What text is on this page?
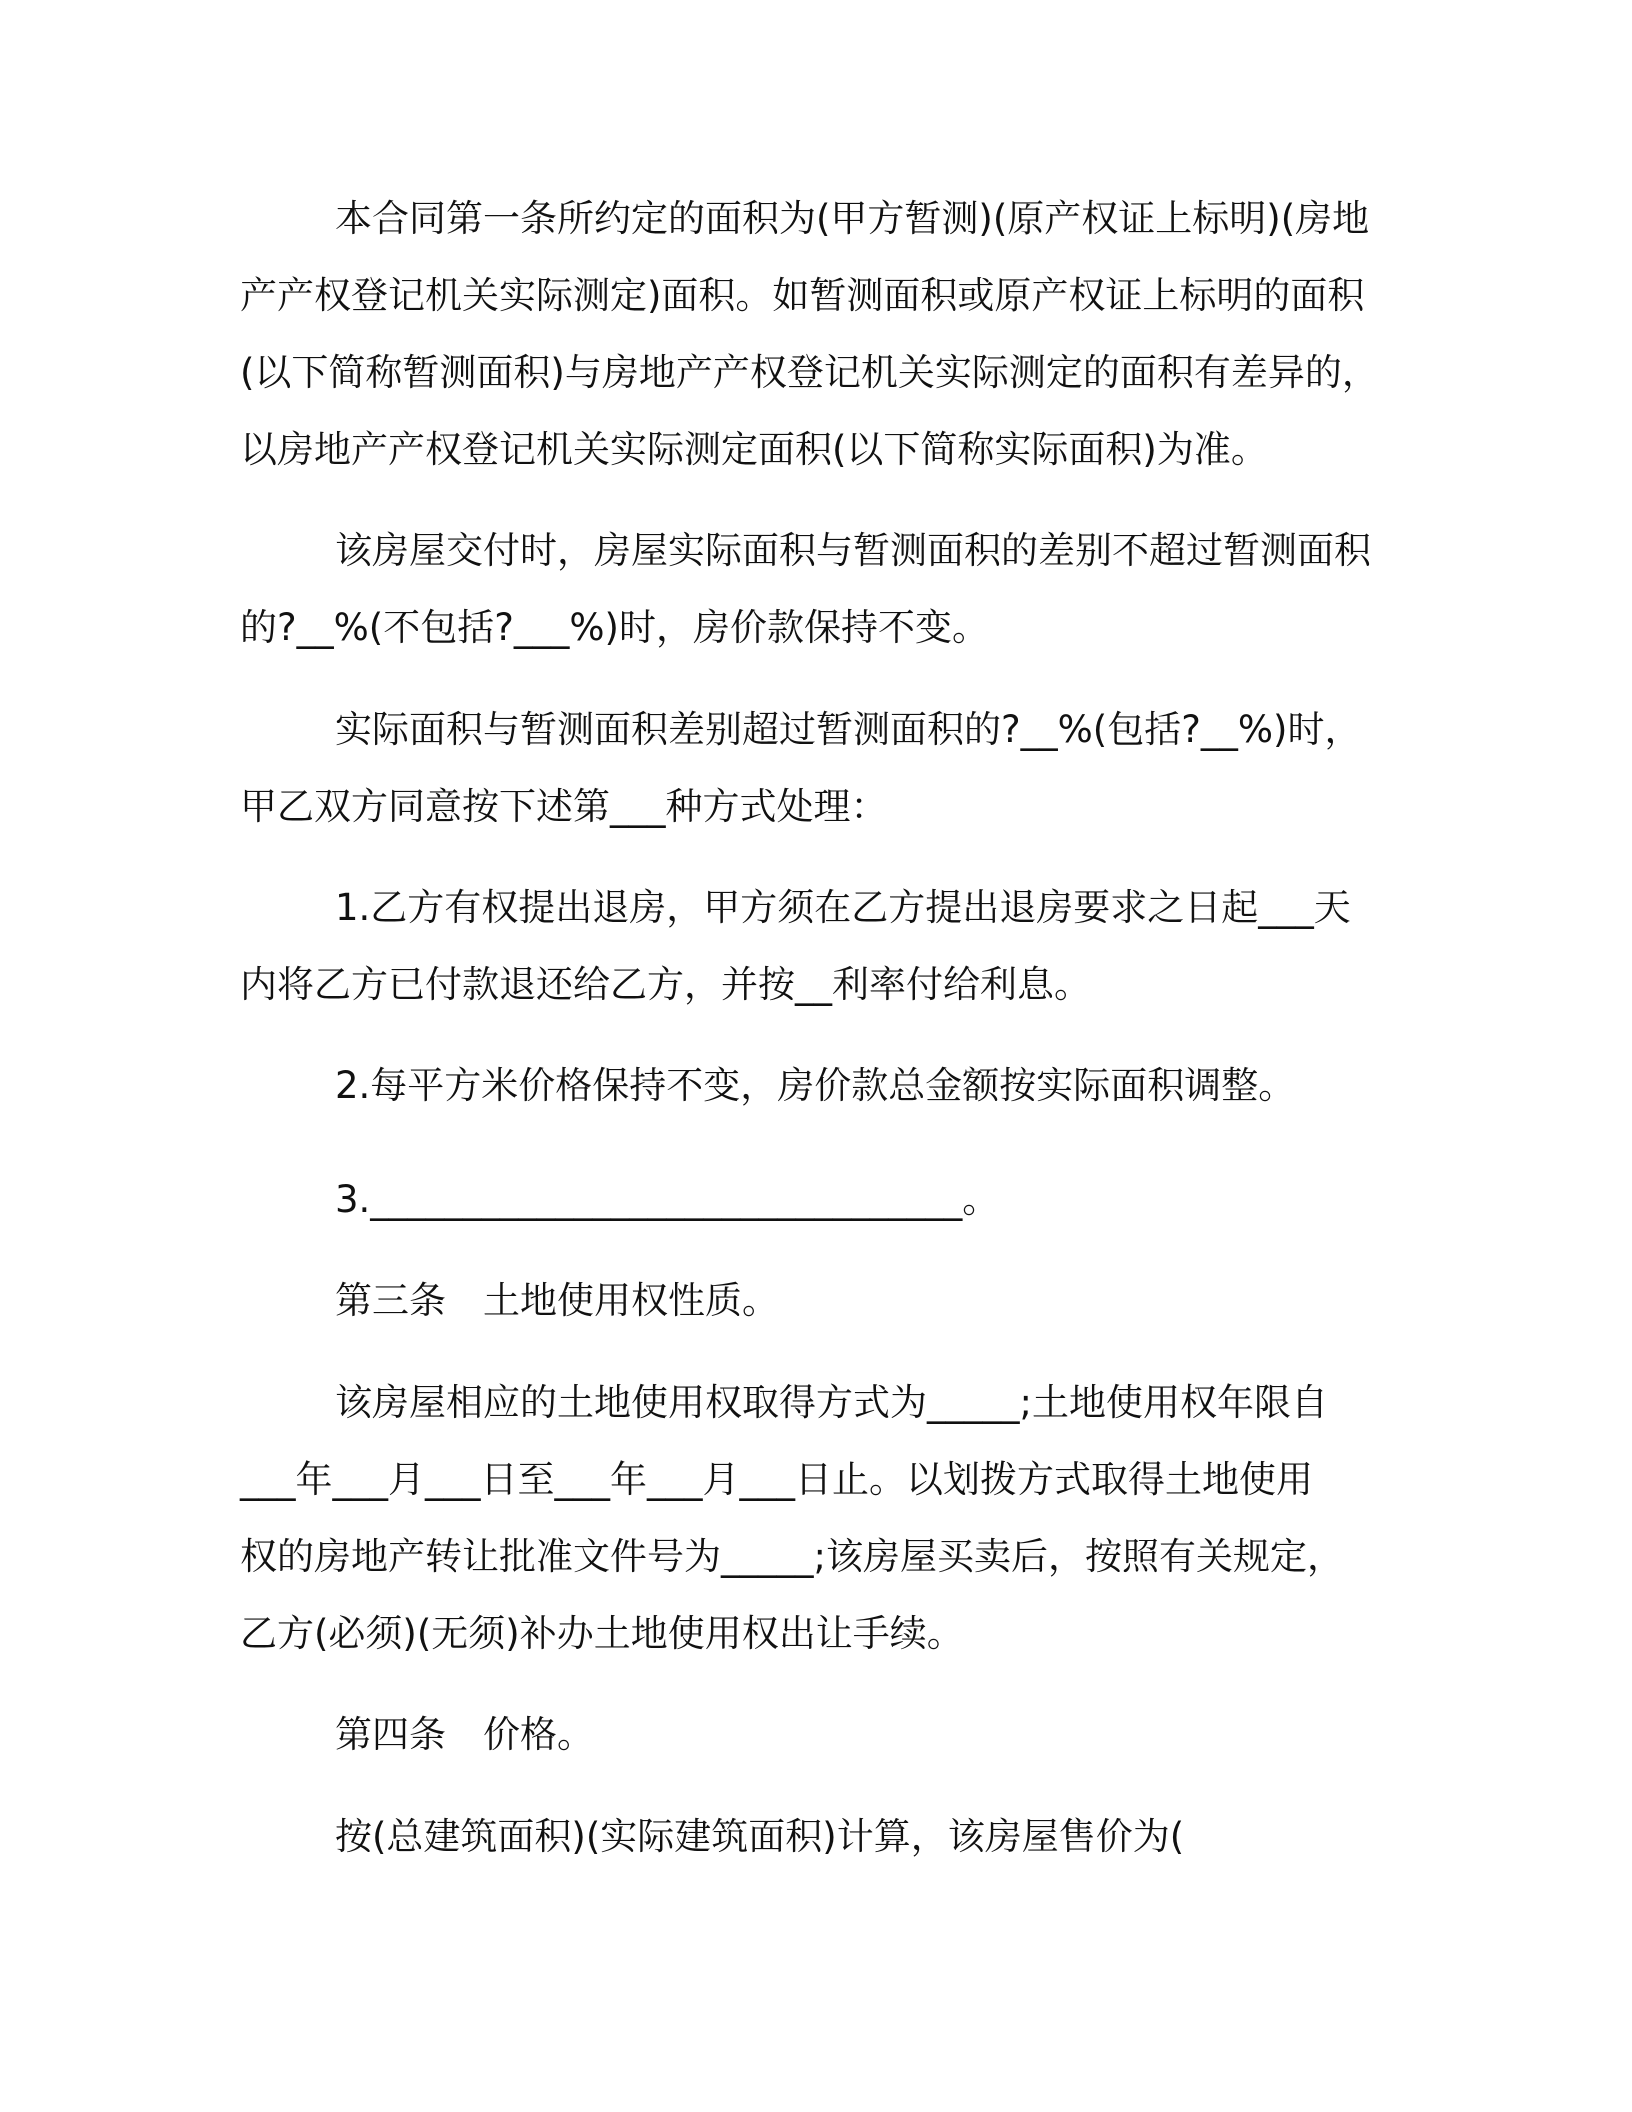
本合同第一条所约定的面积为(甲方暂测)(原产权证上标明)(房地
产产权登记机关实际测定)面积。如暂测面积或原产权证上标明的面积
(以下简称暂测面积)与房地产产权登记机关实际测定的面积有差异的，
以房地产产权登记机关实际测定面积(以下简称实际面积)为准。

该房屋交付时，房屋实际面积与暂测面积的差别不超过暂测面积
的?__%(不包括?___%)时，房价款保持不变。

实际面积与暂测面积差别超过暂测面积的?__%(包括?__%)时，
甲乙双方同意按下述第___种方式处理：

1.乙方有权提出退房，甲方须在乙方提出退房要求之日起___天
内将乙方已付款退还给乙方，并按__利率付给利息。

2.每平方米价格保持不变，房价款总金额按实际面积调整。

3.________________________________。

第三条　土地使用权性质。

该房屋相应的土地使用权取得方式为_____;土地使用权年限自
___年___月___日至___年___月___日止。以划拨方式取得土地使用
权的房地产转让批准文件号为_____;该房屋买卖后，按照有关规定，
乙方(必须)(无须)补办土地使用权出让手续。

第四条　价格。

按(总建筑面积)(实际建筑面积)计算，该房屋售价为(
